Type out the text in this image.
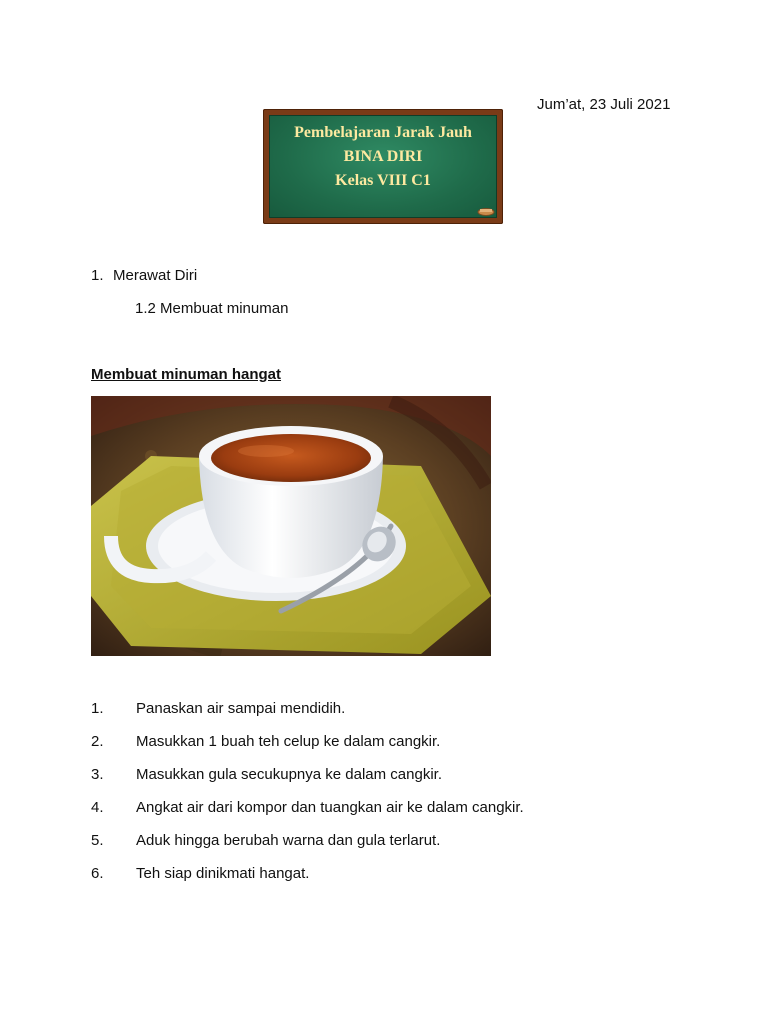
Jum’at, 23 Juli 2021
Pembelajaran Jarak Jauh
BINA DIRI
Kelas VIII C1
1. Merawat Diri
1.2 Membuat minuman
Membuat minuman hangat
1. Panaskan air sampai mendidih.
2. Masukkan 1 buah teh celup ke dalam cangkir.
3. Masukkan gula secukupnya ke dalam cangkir.
4. Angkat air dari kompor dan tuangkan air ke dalam cangkir.
5. Aduk hingga berubah warna dan gula terlarut.
6. Teh siap dinikmati hangat.
